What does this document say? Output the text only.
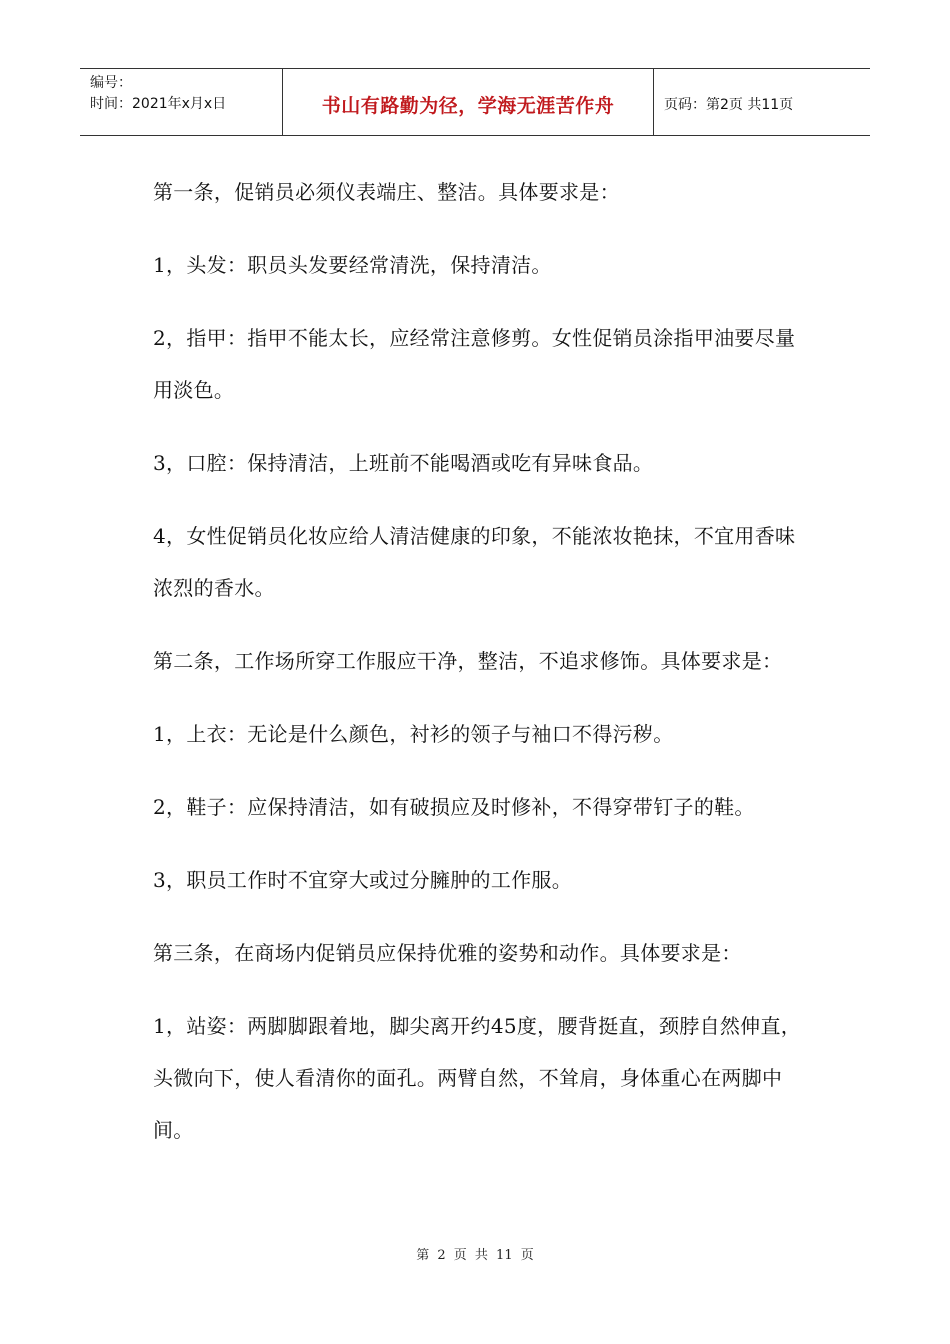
编号：
时间：2021年x月x日	书山有路勤为径，学海无涯苦作舟	页码：第2页 共11页

第一条，促销员必须仪表端庄、整洁。具体要求是：

1，头发：职员头发要经常清洗，保持清洁。

2，指甲：指甲不能太长，应经常注意修剪。女性促销员涂指甲油要尽量用淡色。

3，口腔：保持清洁，上班前不能喝酒或吃有异味食品。

4，女性促销员化妆应给人清洁健康的印象，不能浓妆艳抹，不宜用香味浓烈的香水。

第二条，工作场所穿工作服应干净，整洁，不追求修饰。具体要求是：

1，上衣：无论是什么颜色，衬衫的领子与袖口不得污秽。

2，鞋子：应保持清洁，如有破损应及时修补，不得穿带钉子的鞋。

3，职员工作时不宜穿大或过分臃肿的工作服。

第三条，在商场内促销员应保持优雅的姿势和动作。具体要求是：

1，站姿：两脚脚跟着地，脚尖离开约45度，腰背挺直，颈脖自然伸直，头微向下，使人看清你的面孔。两臂自然，不耸肩，身体重心在两脚中间。

第 2 页 共 11 页
